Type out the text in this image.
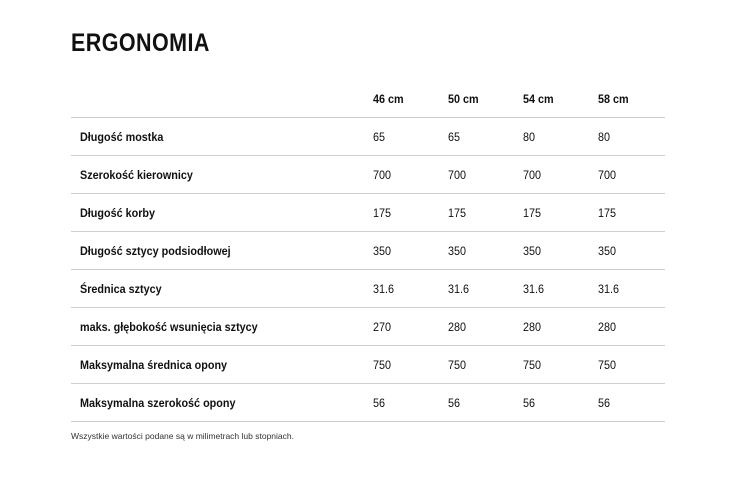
ERGONOMIA
	46 cm	50 cm	54 cm	58 cm
Długość mostka	65	65	80	80
Szerokość kierownicy	700	700	700	700
Długość korby	175	175	175	175
Długość sztycy podsiodłowej	350	350	350	350
Średnica sztycy	31.6	31.6	31.6	31.6
maks. głębokość wsunięcia sztycy	270	280	280	280
Maksymalna średnica opony	750	750	750	750
Maksymalna szerokość opony	56	56	56	56

Wszystkie wartości podane są w milimetrach lub stopniach.
